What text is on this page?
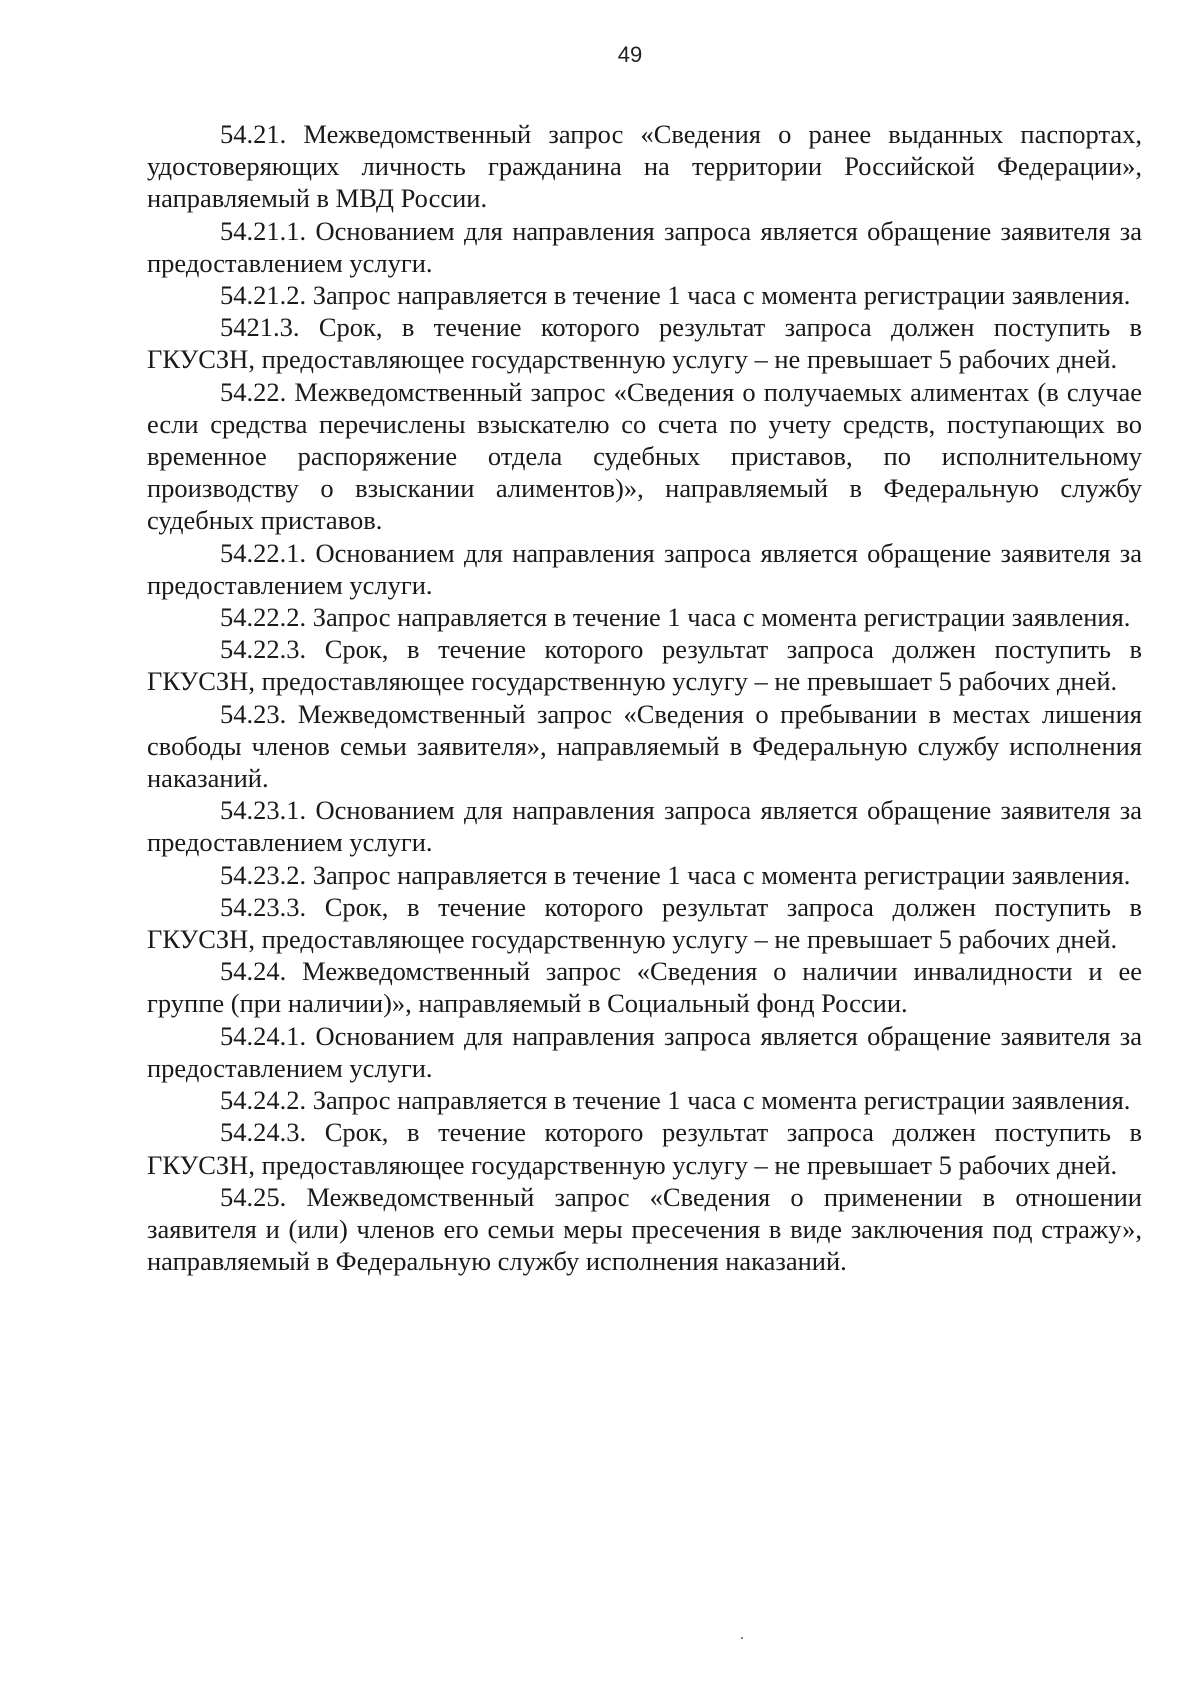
49

54.21. Межведомственный запрос «Сведения о ранее выданных паспортах, удостоверяющих личность гражданина на территории Российской Федерации», направляемый в МВД России.

54.21.1. Основанием для направления запроса является обращение заявителя за предоставлением услуги.

54.21.2. Запрос направляется в течение 1 часа с момента регистрации заявления.

5421.3. Срок, в течение которого результат запроса должен поступить в ГКУСЗН, предоставляющее государственную услугу – не превышает 5 рабочих дней.

54.22. Межведомственный запрос «Сведения о получаемых алиментах (в случае если средства перечислены взыскателю со счета по учету средств, поступающих во временное распоряжение отдела судебных приставов, по исполнительному производству о взыскании алиментов)», направляемый в Федеральную службу судебных приставов.

54.22.1. Основанием для направления запроса является обращение заявителя за предоставлением услуги.

54.22.2. Запрос направляется в течение 1 часа с момента регистрации заявления.

54.22.3. Срок, в течение которого результат запроса должен поступить в ГКУСЗН, предоставляющее государственную услугу – не превышает 5 рабочих дней.

54.23. Межведомственный запрос «Сведения о пребывании в местах лишения свободы членов семьи заявителя», направляемый в Федеральную службу исполнения наказаний.

54.23.1. Основанием для направления запроса является обращение заявителя за предоставлением услуги.

54.23.2. Запрос направляется в течение 1 часа с момента регистрации заявления.

54.23.3. Срок, в течение которого результат запроса должен поступить в ГКУСЗН, предоставляющее государственную услугу – не превышает 5 рабочих дней.

54.24. Межведомственный запрос «Сведения о наличии инвалидности и ее группе (при наличии)», направляемый в Социальный фонд России.

54.24.1. Основанием для направления запроса является обращение заявителя за предоставлением услуги.

54.24.2. Запрос направляется в течение 1 часа с момента регистрации заявления.

54.24.3. Срок, в течение которого результат запроса должен поступить в ГКУСЗН, предоставляющее государственную услугу – не превышает 5 рабочих дней.

54.25. Межведомственный запрос «Сведения о применении в отношении заявителя и (или) членов его семьи меры пресечения в виде заключения под стражу», направляемый в Федеральную службу исполнения наказаний.
